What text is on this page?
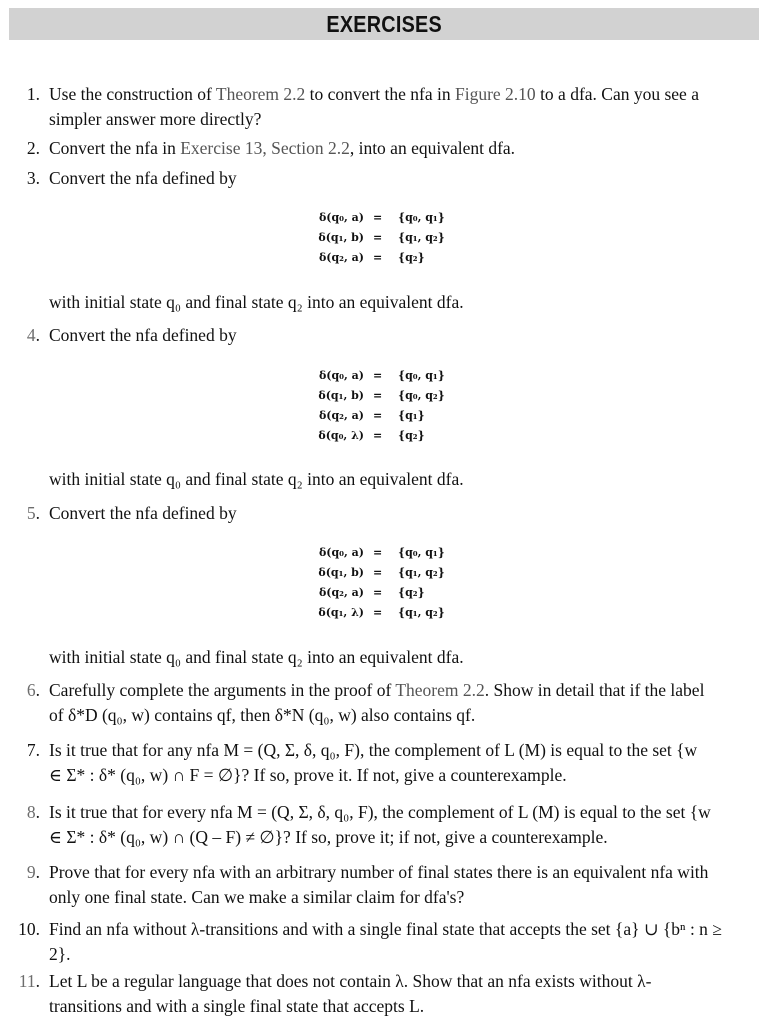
EXERCISES
1. Use the construction of Theorem 2.2 to convert the nfa in Figure 2.10 to a dfa. Can you see a
simpler answer more directly?
2. Convert the nfa in Exercise 13, Section 2.2, into an equivalent dfa.
3. Convert the nfa defined by
δ(q₀, a) = {q₀, q₁}
δ(q₁, b) = {q₁, q₂}
δ(q₂, a) = {q₂}
with initial state q₀ and final state q₂ into an equivalent dfa.
4. Convert the nfa defined by
δ(q₀, a) = {q₀, q₁}
δ(q₁, b) = {q₀, q₂}
δ(q₂, a) = {q₁}
δ(q₀, λ) = {q₂}
with initial state q₀ and final state q₂ into an equivalent dfa.
5. Convert the nfa defined by
δ(q₀, a) = {q₀, q₁}
δ(q₁, b) = {q₁, q₂}
δ(q₂, a) = {q₂}
δ(q₁, λ) = {q₁, q₂}
with initial state q₀ and final state q₂ into an equivalent dfa.
6. Carefully complete the arguments in the proof of Theorem 2.2. Show in detail that if the label
of δ*D (q₀, w) contains qf, then δ*N (q₀, w) also contains qf.
7. Is it true that for any nfa M = (Q, Σ, δ, q₀, F), the complement of L (M) is equal to the set {w
∈ Σ* : δ* (q₀, w) ∩ F = ∅}? If so, prove it. If not, give a counterexample.
8. Is it true that for every nfa M = (Q, Σ, δ, q₀, F), the complement of L (M) is equal to the set {w
∈ Σ* : δ* (q₀, w) ∩ (Q – F) ≠ ∅}? If so, prove it; if not, give a counterexample.
9. Prove that for every nfa with an arbitrary number of final states there is an equivalent nfa with
only one final state. Can we make a similar claim for dfa's?
10. Find an nfa without λ-transitions and with a single final state that accepts the set {a} ∪ {bⁿ : n ≥
2}.
11. Let L be a regular language that does not contain λ. Show that an nfa exists without λ-
transitions and with a single final state that accepts L.
